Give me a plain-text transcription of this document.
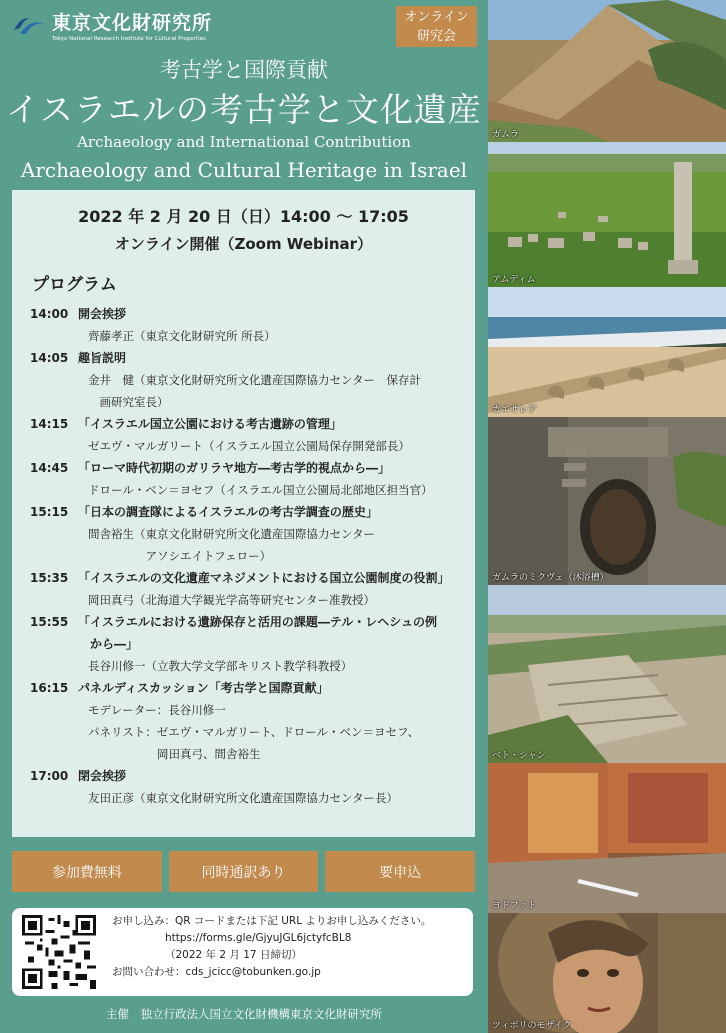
東京文化財研究所
Tokyo National Research Institute for Cultural Properties
オンライン
研究会
考古学と国際貢献
イスラエルの考古学と文化遺産
Archaeology and International Contribution
Archaeology and Cultural Heritage in Israel
2022 年 2 月 20 日（日）14:00 〜 17:05
オンライン開催（Zoom Webinar）
プログラム
14:00 開会挨拶
齊藤孝正（東京文化財研究所 所長）
14:05 趣旨説明
金井　健（東京文化財研究所文化遺産国際協力センター　保存計
　画研究室長）
14:15 「イスラエル国立公園における考古遺跡の管理」
ゼエヴ・マルガリート（イスラエル国立公園局保存開発部長）
14:45 「ローマ時代初期のガリラヤ地方―考古学的視点から―」
ドロール・ベン＝ヨセフ（イスラエル国立公園局北部地区担当官）
15:15 「日本の調査隊によるイスラエルの考古学調査の歴史」
間舎裕生（東京文化財研究所文化遺産国際協力センター
　　　　　アソシエイトフェロー）
15:35 「イスラエルの文化遺産マネジメントにおける国立公園制度の役割」
岡田真弓（北海道大学観光学高等研究センター准教授）
15:55 「イスラエルにおける遺跡保存と活用の課題―テル・レヘシュの例
から―」
長谷川修一（立教大学文学部キリスト教学科教授）
16:15 パネルディスカッション「考古学と国際貢献」
モデレーター：長谷川修一
パネリスト：ゼエヴ・マルガリート、ドロール・ベン＝ヨセフ、
　　　　　　岡田真弓、間舎裕生
17:00 閉会挨拶
友田正彦（東京文化財研究所文化遺産国際協力センター長）
参加費無料	同時通訳あり	要申込
お申し込み：QR コードまたは下記 URL よりお申し込みください。
https://forms.gle/GjyuJGL6jctyfcBL8
（2022 年 2 月 17 日締切）
お問い合わせ：cds_jcicc@tobunken.go.jp
主催　独立行政法人国立文化財機構東京文化財研究所
ガムラ
アムディム
カエサレア
ガムラのミクヴェ（沐浴槽）
ベト・シャン
ヨドファト
ツィポリのモザイク
